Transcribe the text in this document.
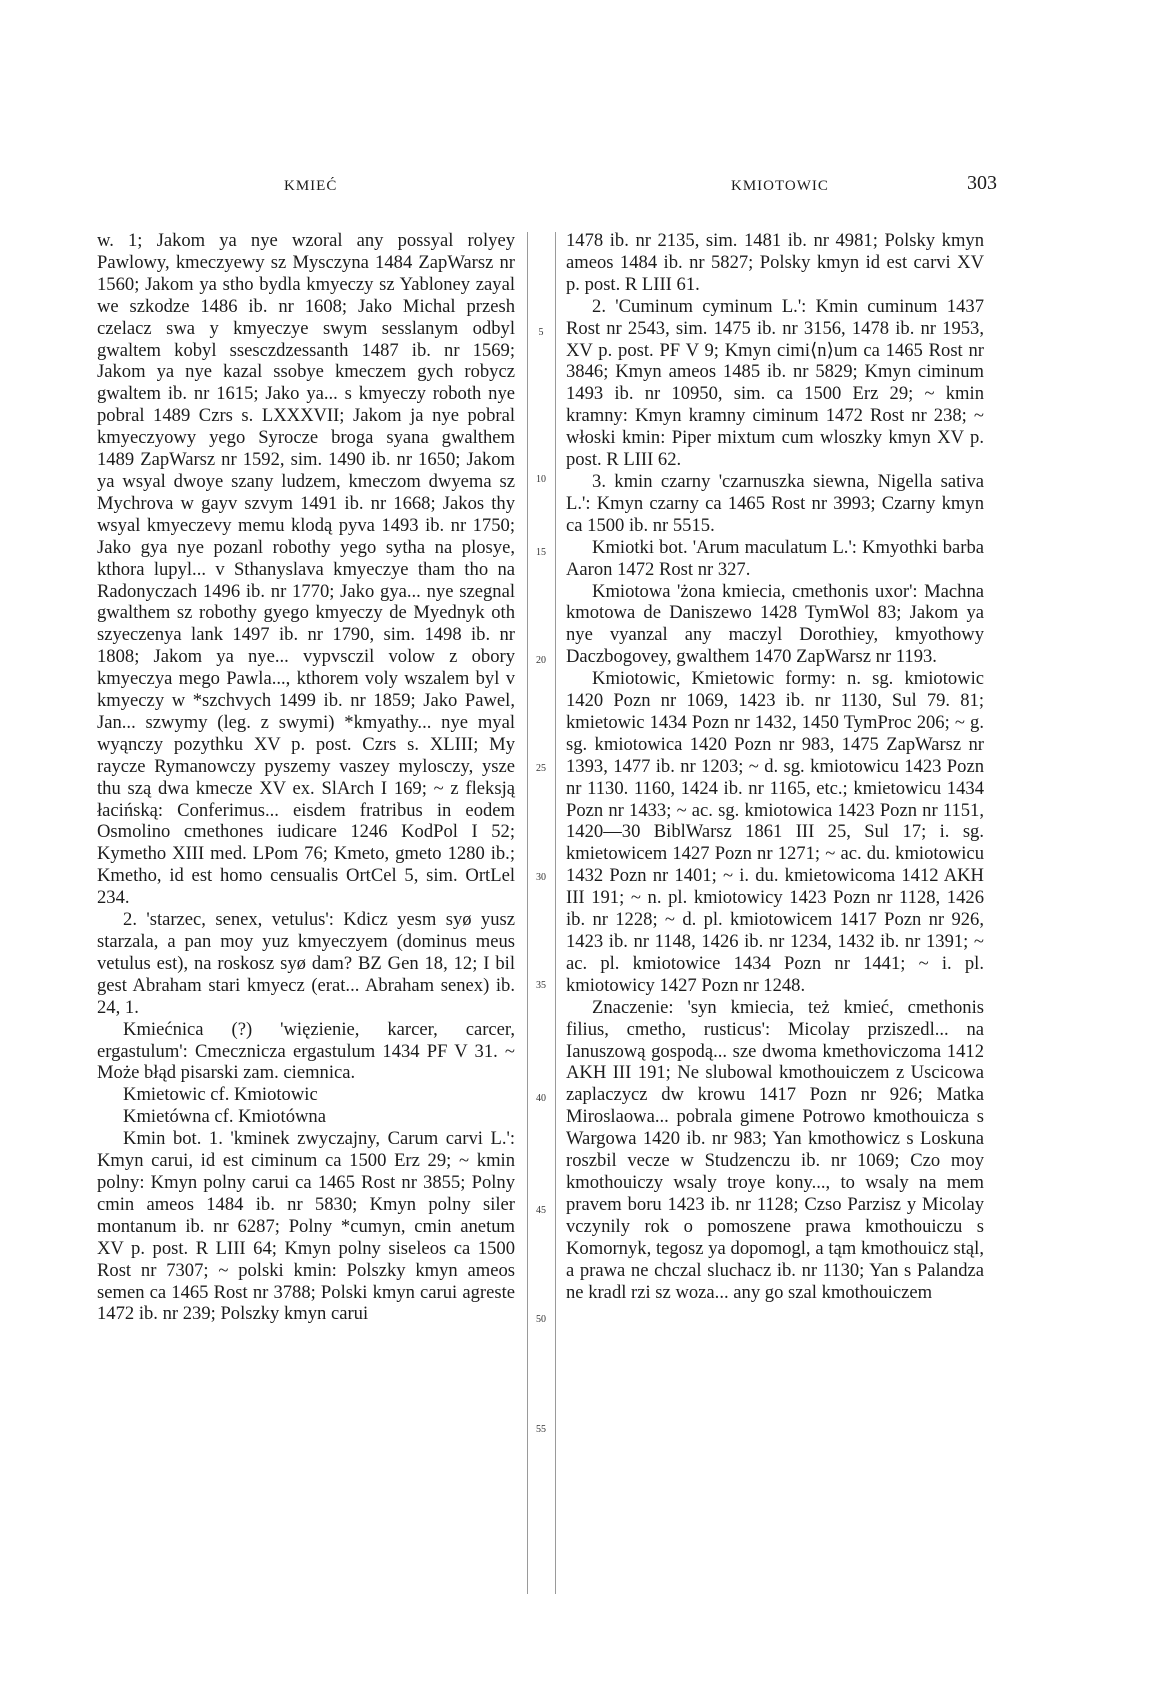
KMIEĆ	KMIOTOWIC	303
5
10
15
20
25
30
35
40
45
50
55

w. 1; Jakom ya nye wzoral any possyal rolyey Pawlowy, kmeczyewy sz Mysczyna 1484 ZapWarsz nr 1560; Jakom ya stho bydla kmyeczy sz Yabloney zayal we szkodze 1486 ib. nr 1608; Jako Michal przesh czelacz swa y kmyeczye swym sesslanym odbyl gwaltem kobyl ssesczdzessanth 1487 ib. nr 1569; Jakom ya nye kazal ssobye kmeczem gych robycz gwaltem ib. nr 1615; Jako ya... s kmyeczy roboth nye pobral 1489 Czrs s. LXXXVII; Jakom ja nye pobral kmyeczyowy yego Syrocze broga syana gwalthem 1489 ZapWarsz nr 1592, sim. 1490 ib. nr 1650; Jakom ya wsyal dwoye szany ludzem, kmeczom dwyema sz Mychrova w gayv szvym 1491 ib. nr 1668; Jakos thy wsyal kmyeczevy memu klodą pyva 1493 ib. nr 1750; Jako gya nye pozanl robothy yego sytha na plosye, kthora lupyl... v Sthanyslava kmyeczye tham tho na Radonyczach 1496 ib. nr 1770; Jako gya... nye szegnal gwalthem sz robothy gyego kmyeczy de Myednyk oth szyeczenya lank 1497 ib. nr 1790, sim. 1498 ib. nr 1808; Jakom ya nye... vypvsczil volow z obory kmyeczya mego Pawla..., kthorem voly wszalem byl v kmyeczy w *szchvych 1499 ib. nr 1859; Jako Pawel, Jan... szwymy (leg. z swymi) *kmyathy... nye myal wyąnczy pozythku XV p. post. Czrs s. XLIII; My raycze Rymanowczy pyszemy vaszey mylosczy, ysze thu szą dwa kmecze XV ex. SlArch I 169; ~ z fleksją łacińską: Conferimus... eisdem fratribus in eodem Osmolino cmethones iudicare 1246 KodPol I 52; Kymetho XIII med. LPom 76; Kmeto, gmeto 1280 ib.; Kmetho, id est homo censualis OrtCel 5, sim. OrtLel 234.

2. 'starzec, senex, vetulus': Kdicz yesm syø yusz starzala, a pan moy yuz kmyeczyem (dominus meus vetulus est), na roskosz syø dam? BZ Gen 18, 12; I bil gest Abraham stari kmyecz (erat... Abraham senex) ib. 24, 1.

Kmiećnica (?) 'więzienie, karcer, carcer, ergastulum': Cmecznicza ergastulum 1434 PF V 31. ~ Może błąd pisarski zam. ciemnica.

Kmietowic cf. Kmiotowic

Kmietówna cf. Kmiotówna

Kmin bot. 1. 'kminek zwyczajny, Carum carvi L.': Kmyn carui, id est ciminum ca 1500 Erz 29; ~ kmin polny: Kmyn polny carui ca 1465 Rost nr 3855; Polny cmin ameos 1484 ib. nr 5830; Kmyn polny siler montanum ib. nr 6287; Polny *cumyn, cmin anetum XV p. post. R LIII 64; Kmyn polny siseleos ca 1500 Rost nr 7307; ~ polski kmin: Polszky kmyn ameos semen ca 1465 Rost nr 3788; Polski kmyn carui agreste 1472 ib. nr 239; Polszky kmyn carui

1478 ib. nr 2135, sim. 1481 ib. nr 4981; Polsky kmyn ameos 1484 ib. nr 5827; Polsky kmyn id est carvi XV p. post. R LIII 61.

2. 'Cuminum cyminum L.': Kmin cuminum 1437 Rost nr 2543, sim. 1475 ib. nr 3156, 1478 ib. nr 1953, XV p. post. PF V 9; Kmyn cimi⟨n⟩um ca 1465 Rost nr 3846; Kmyn ameos 1485 ib. nr 5829; Kmyn ciminum 1493 ib. nr 10950, sim. ca 1500 Erz 29; ~ kmin kramny: Kmyn kramny ciminum 1472 Rost nr 238; ~ włoski kmin: Piper mixtum cum wloszky kmyn XV p. post. R LIII 62.

3. kmin czarny 'czarnuszka siewna, Nigella sativa L.': Kmyn czarny ca 1465 Rost nr 3993; Czarny kmyn ca 1500 ib. nr 5515.

Kmiotki bot. 'Arum maculatum L.': Kmyothki barba Aaron 1472 Rost nr 327.

Kmiotowa 'żona kmiecia, cmethonis uxor': Machna kmotowa de Daniszewo 1428 TymWol 83; Jakom ya nye vyanzal any maczyl Dorothiey, kmyothowy Daczbogovey, gwalthem 1470 ZapWarsz nr 1193.

Kmiotowic, Kmietowic formy: n. sg. kmiotowic 1420 Pozn nr 1069, 1423 ib. nr 1130, Sul 79. 81; kmietowic 1434 Pozn nr 1432, 1450 TymProc 206; ~ g. sg. kmiotowica 1420 Pozn nr 983, 1475 ZapWarsz nr 1393, 1477 ib. nr 1203; ~ d. sg. kmiotowicu 1423 Pozn nr 1130. 1160, 1424 ib. nr 1165, etc.; kmietowicu 1434 Pozn nr 1433; ~ ac. sg. kmiotowica 1423 Pozn nr 1151, 1420—30 BiblWarsz 1861 III 25, Sul 17; i. sg. kmietowicem 1427 Pozn nr 1271; ~ ac. du. kmiotowicu 1432 Pozn nr 1401; ~ i. du. kmietowicoma 1412 AKH III 191; ~ n. pl. kmiotowicy 1423 Pozn nr 1128, 1426 ib. nr 1228; ~ d. pl. kmiotowicem 1417 Pozn nr 926, 1423 ib. nr 1148, 1426 ib. nr 1234, 1432 ib. nr 1391; ~ ac. pl. kmiotowice 1434 Pozn nr 1441; ~ i. pl. kmiotowicy 1427 Pozn nr 1248.

Znaczenie: 'syn kmiecia, też kmieć, cmethonis filius, cmetho, rusticus': Micolay prziszedl... na Ianuszową gospodą... sze dwoma kmethoviczoma 1412 AKH III 191; Ne slubowal kmothouiczem z Uscicowa zaplaczycz dw krowu 1417 Pozn nr 926; Matka Miroslaowa... pobrala gimene Potrowo kmothouicza s Wargowa 1420 ib. nr 983; Yan kmothowicz s Loskuna roszbil vecze w Studzenczu ib. nr 1069; Czo moy kmothouiczy wsaly troye kony..., to wsaly na mem pravem boru 1423 ib. nr 1128; Czso Parzisz y Micolay vczynily rok o pomoszene prawa kmothouiczu s Komornyk, tegosz ya dopomogl, a tąm kmothouicz stąl, a prawa ne chczal sluchacz ib. nr 1130; Yan s Palandza ne kradl rzi sz woza... any go szal kmothouiczem
